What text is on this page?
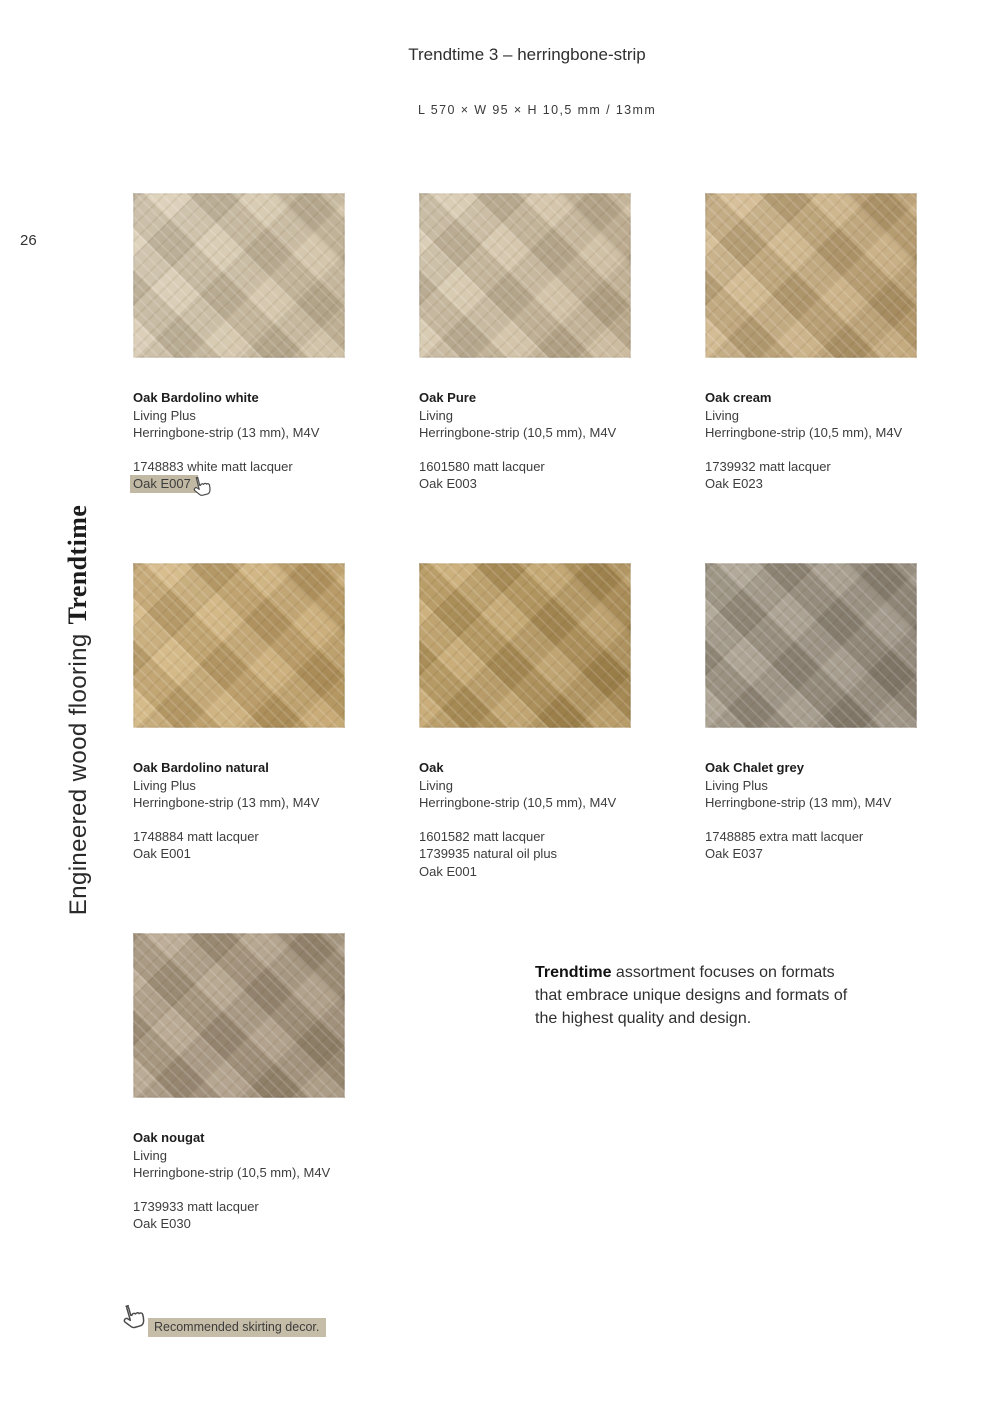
26
Engineered wood flooringTrendtime
Trendtime 3 – herringbone-strip
L 570 × W 95 × H 10,5 mm / 13mm
Oak Bardolino white
Living Plus
Herringbone-strip (13 mm), M4V
1748883 white matt lacquer
Oak E007
Oak Pure
Living
Herringbone-strip (10,5 mm), M4V
1601580 matt lacquer
Oak E003
Oak cream
Living
Herringbone-strip (10,5 mm), M4V
1739932 matt lacquer
Oak E023
Oak Bardolino natural
Living Plus
Herringbone-strip (13 mm), M4V
1748884 matt lacquer
Oak E001
Oak
Living
Herringbone-strip (10,5 mm), M4V
1601582 matt lacquer
1739935 natural oil plus
Oak E001
Oak Chalet grey
Living Plus
Herringbone-strip (13 mm), M4V
1748885 extra matt lacquer
Oak E037
Oak nougat
Living
Herringbone-strip (10,5 mm), M4V
1739933 matt lacquer
Oak E030
Trendtime assortment focuses on formats that embrace unique designs and formats of the highest quality and design.
Recommended skirting decor.
